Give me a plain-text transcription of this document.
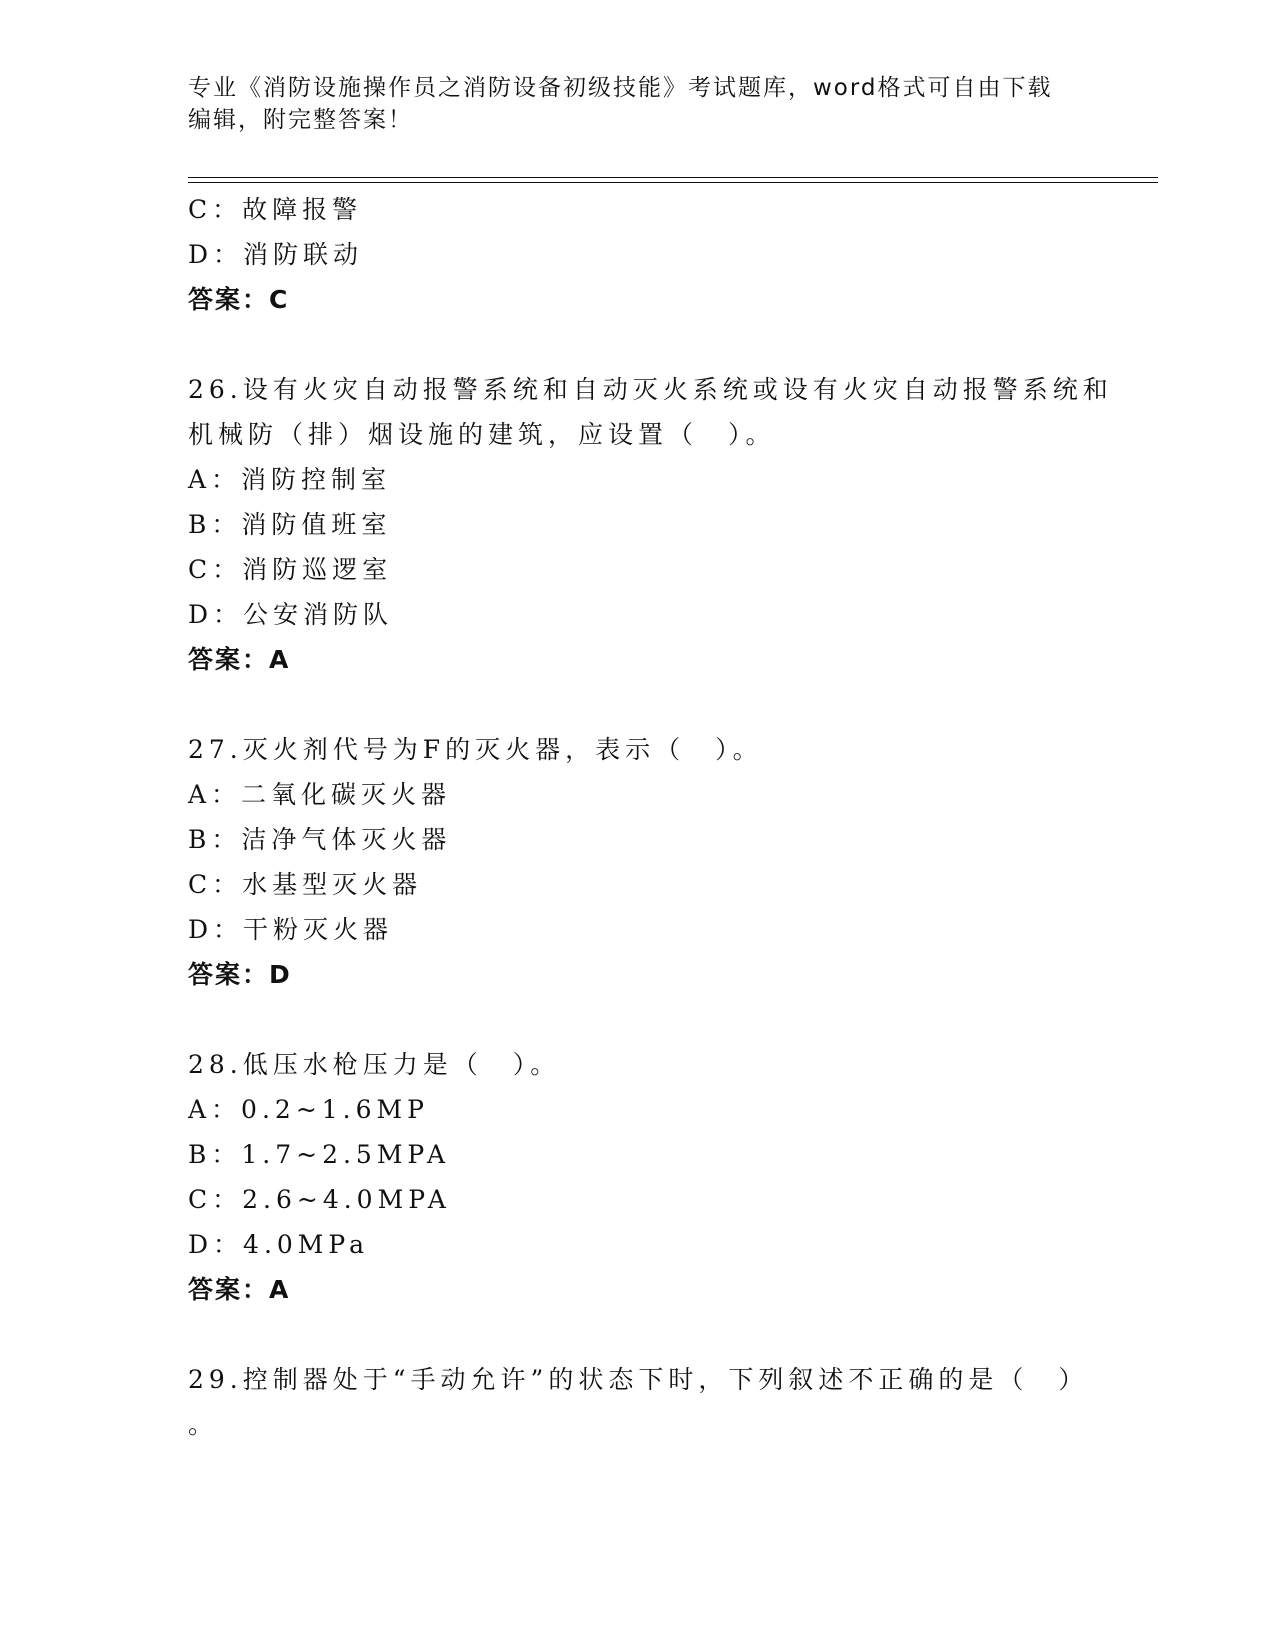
专业《消防设施操作员之消防设备初级技能》考试题库，word格式可自由下载编辑，附完整答案！
C：故障报警
D：消防联动
答案：C
26.设有火灾自动报警系统和自动灭火系统或设有火灾自动报警系统和
机械防（排）烟设施的建筑，应设置（　）。
A：消防控制室
B：消防值班室
C：消防巡逻室
D：公安消防队
答案：A
27.灭火剂代号为F的灭火器，表示（　）。
A：二氧化碳灭火器
B：洁净气体灭火器
C：水基型灭火器
D：干粉灭火器
答案：D
28.低压水枪压力是（　）。
A：0.2~1.6MP
B：1.7~2.5MPA
C：2.6~4.0MPA
D：4.0MPa
答案：A
29.控制器处于“手动允许”的状态下时，下列叙述不正确的是（　）
。
